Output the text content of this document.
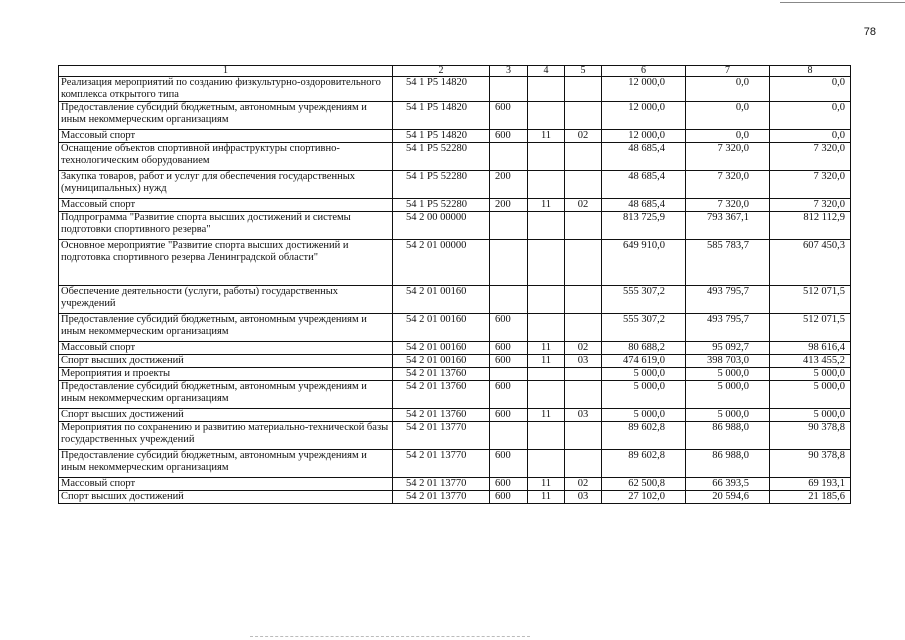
78
1	2	3	4	5	6	7	8
Реализация мероприятий по созданию физкультурно-оздоровительного комплекса открытого типа	54 1 P5 14820				12 000,0	0,0	0,0
Предоставление субсидий бюджетным, автономным учреждениям и иным некоммерческим организациям	54 1 P5 14820	600			12 000,0	0,0	0,0
Массовый спорт	54 1 P5 14820	600	11	02	12 000,0	0,0	0,0
Оснащение объектов спортивной инфраструктуры спортивно-технологическим оборудованием	54 1 P5 52280				48 685,4	7 320,0	7 320,0
Закупка товаров, работ и услуг для обеспечения государственных (муниципальных) нужд	54 1 P5 52280	200			48 685,4	7 320,0	7 320,0
Массовый спорт	54 1 P5 52280	200	11	02	48 685,4	7 320,0	7 320,0
Подпрограмма "Развитие спорта высших достижений и системы подготовки спортивного резерва"	54 2 00 00000				813 725,9	793 367,1	812 112,9
Основное мероприятие "Развитие спорта высших достижений и подготовка спортивного резерва Ленинградской области"	54 2 01 00000				649 910,0	585 783,7	607 450,3
Обеспечение деятельности (услуги, работы) государственных учреждений	54 2 01 00160				555 307,2	493 795,7	512 071,5
Предоставление субсидий бюджетным, автономным учреждениям и иным некоммерческим организациям	54 2 01 00160	600			555 307,2	493 795,7	512 071,5
Массовый спорт	54 2 01 00160	600	11	02	80 688,2	95 092,7	98 616,4
Спорт высших достижений	54 2 01 00160	600	11	03	474 619,0	398 703,0	413 455,2
Мероприятия и проекты	54 2 01 13760				5 000,0	5 000,0	5 000,0
Предоставление субсидий бюджетным, автономным учреждениям и иным некоммерческим организациям	54 2 01 13760	600			5 000,0	5 000,0	5 000,0
Спорт высших достижений	54 2 01 13760	600	11	03	5 000,0	5 000,0	5 000,0
Мероприятия по сохранению и развитию материально-технической базы государственных учреждений	54 2 01 13770				89 602,8	86 988,0	90 378,8
Предоставление субсидий бюджетным, автономным учреждениям и иным некоммерческим организациям	54 2 01 13770	600			89 602,8	86 988,0	90 378,8
Массовый спорт	54 2 01 13770	600	11	02	62 500,8	66 393,5	69 193,1
Спорт высших достижений	54 2 01 13770	600	11	03	27 102,0	20 594,6	21 185,6
